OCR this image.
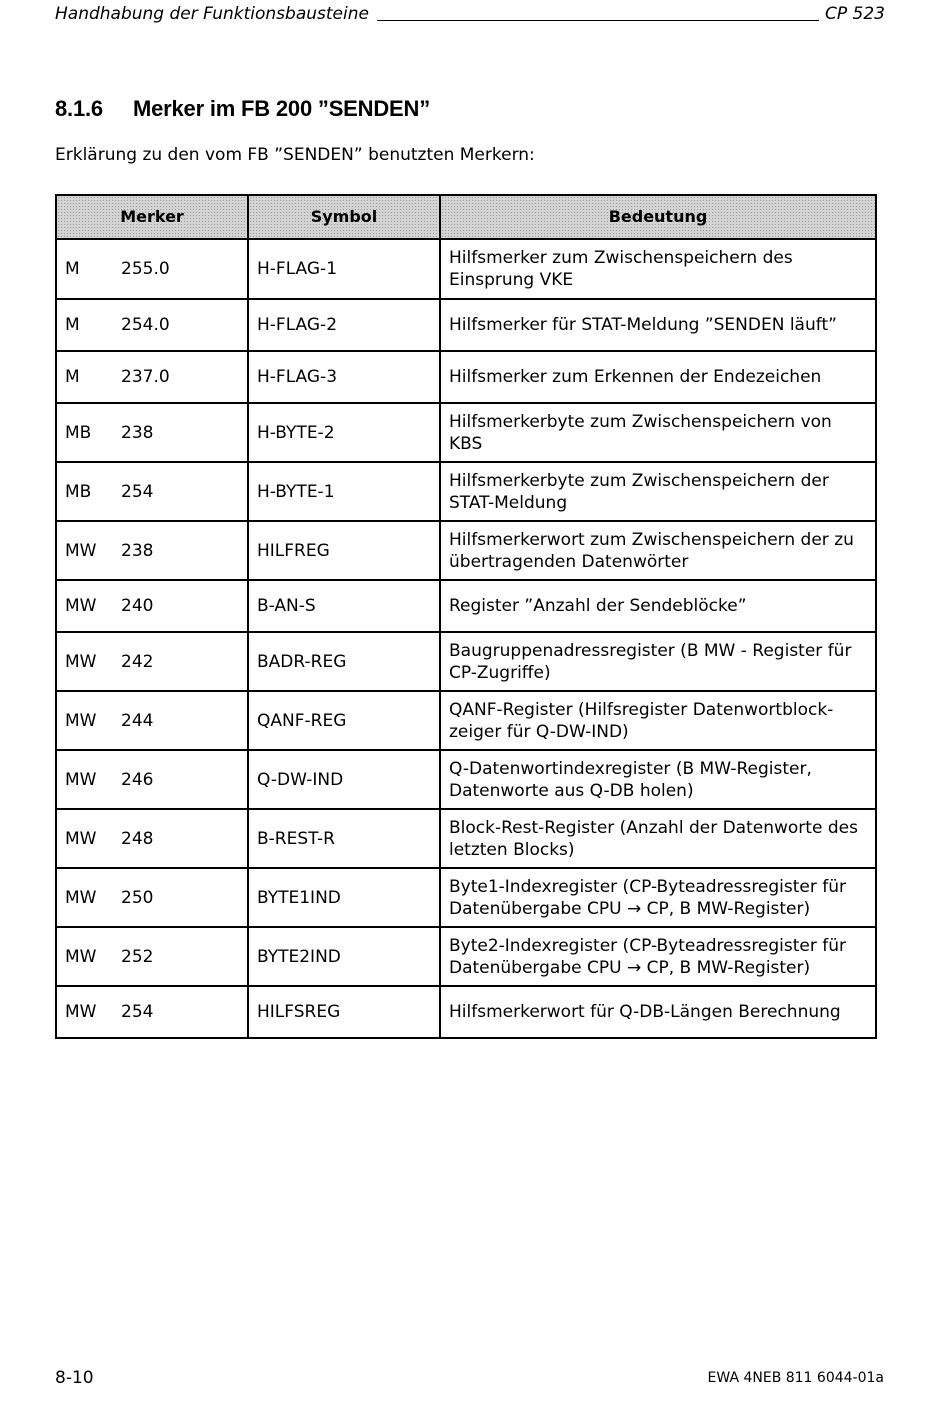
Handhabung der Funktionsbausteine	CP 523
8.1.6 Merker im FB 200 ”SENDEN”

Erklärung zu den vom FB ”SENDEN” benutzten Merkern:

Merker	Symbol	Bedeutung
M 255.0	H-FLAG-1	Hilfsmerker zum Zwischenspeichern des
Einsprung VKE

M 254.0	H-FLAG-2	Hilfsmerker für STAT-Meldung ”SENDEN läuft”

M 237.0	H-FLAG-3	Hilfsmerker zum Erkennen der Endezeichen

MB 238	H-BYTE-2	Hilfsmerkerbyte zum Zwischenspeichern von KBS

MB 254	H-BYTE-1	Hilfsmerkerbyte zum Zwischenspeichern der
STAT-Meldung

MW 238	HILFREG	Hilfsmerkerwort zum Zwischenspeichern der zu
übertragenden Datenwörter

MW 240	B-AN-S	Register ”Anzahl der Sendeblöcke”

MW 242	BADR-REG	Baugruppenadressregister (B MW - Register für
CP-Zugriffe)

MW 244	QANF-REG	QANF-Register (Hilfsregister Datenwortblock-
zeiger für Q-DW-IND)

MW 246	Q-DW-IND	Q-Datenwortindexregister (B MW-Register,
Datenworte aus Q-DB holen)

MW 248	B-REST-R	Block-Rest-Register (Anzahl der Datenworte des
letzten Blocks)

MW 250	BYTE1IND	Byte1-Indexregister (CP-Byteadressregister für
Datenübergabe CPU → CP, B MW-Register)

MW 252	BYTE2IND	Byte2-Indexregister (CP-Byteadressregister für
Datenübergabe CPU → CP, B MW-Register)

MW 254	HILFSREG	Hilfsmerkerwort für Q-DB-Längen Berechnung
8-10	EWA 4NEB 811 6044-01a
